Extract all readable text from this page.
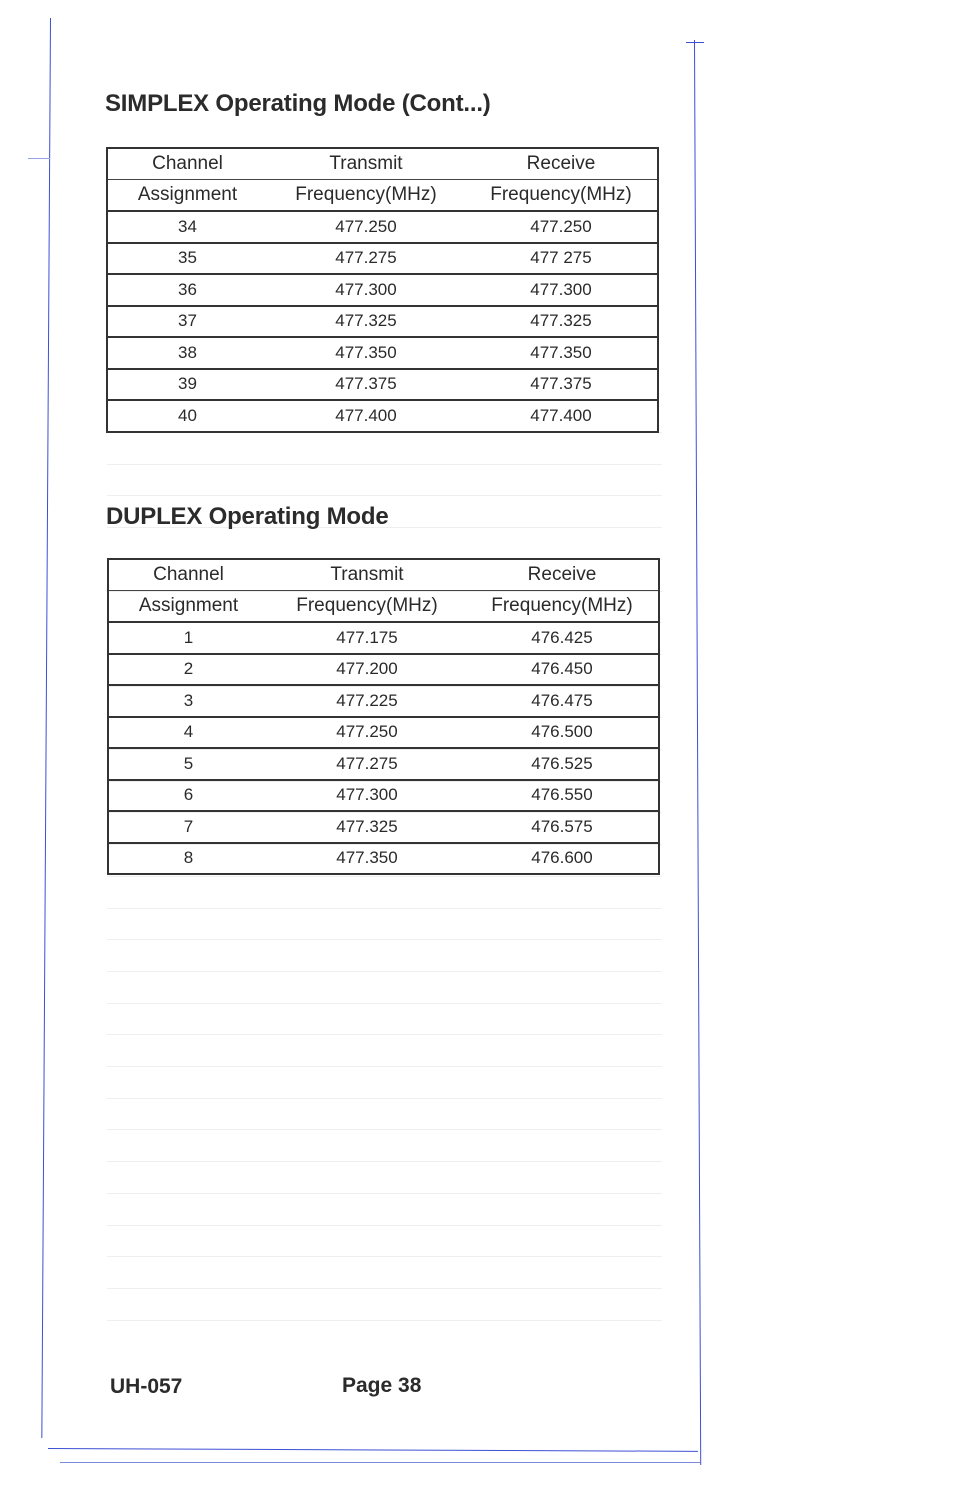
SIMPLEX Operating Mode (Cont...)
Channel	Transmit	Receive
Assignment	Frequency(MHz)	Frequency(MHz)
34	477.250	477.250
35	477.275	477 275
36	477.300	477.300
37	477.325	477.325
38	477.350	477.350
39	477.375	477.375
40	477.400	477.400
DUPLEX Operating Mode
Channel	Transmit	Receive
Assignment	Frequency(MHz)	Frequency(MHz)
1	477.175	476.425
2	477.200	476.450
3	477.225	476.475
4	477.250	476.500
5	477.275	476.525
6	477.300	476.550
7	477.325	476.575
8	477.350	476.600
UH-057	Page 38
